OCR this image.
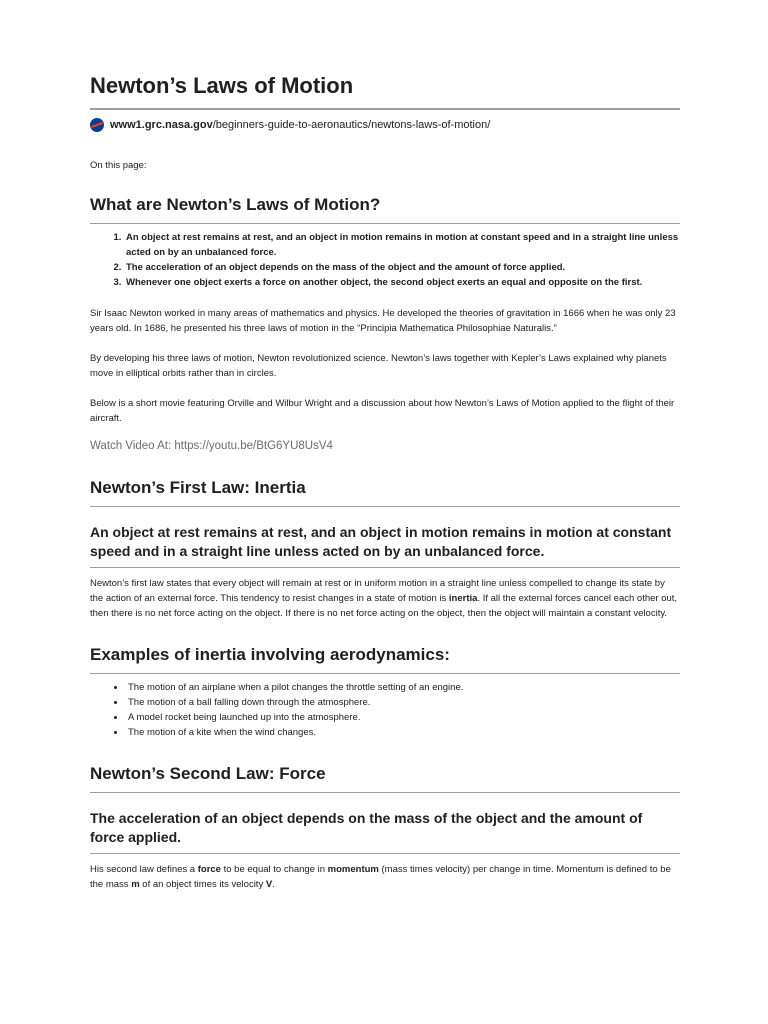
Newton’s Laws of Motion
www1.grc.nasa.gov /beginners-guide-to-aeronautics/newtons-laws-of-motion/
On this page:
What are Newton’s Laws of Motion?
1. An object at rest remains at rest, and an object in motion remains in motion at constant speed and in a straight line unless acted on by an unbalanced force.
2. The acceleration of an object depends on the mass of the object and the amount of force applied.
3. Whenever one object exerts a force on another object, the second object exerts an equal and opposite on the first.

Sir Isaac Newton worked in many areas of mathematics and physics. He developed the theories of gravitation in 1666 when he was only 23 years old. In 1686, he presented his three laws of motion in the “Principia Mathematica Philosophiae Naturalis.”

By developing his three laws of motion, Newton revolutionized science. Newton’s laws together with Kepler’s Laws explained why planets move in elliptical orbits rather than in circles.

Below is a short movie featuring Orville and Wilbur Wright and a discussion about how Newton’s Laws of Motion applied to the flight of their aircraft.

Watch Video At: https://youtu.be/BtG6YU8UsV4
Newton’s First Law: Inertia
An object at rest remains at rest, and an object in motion remains in motion at constant speed and in a straight line unless acted on by an unbalanced force.

Newton’s first law states that every object will remain at rest or in uniform motion in a straight line unless compelled to change its state by the action of an external force. This tendency to resist changes in a state of motion is inertia. If all the external forces cancel each other out, then there is no net force acting on the object. If there is no net force acting on the object, then the object will maintain a constant velocity.

Examples of inertia involving aerodynamics:
• The motion of an airplane when a pilot changes the throttle setting of an engine.
• The motion of a ball falling down through the atmosphere.
• A model rocket being launched up into the atmosphere.
• The motion of a kite when the wind changes.
Newton’s Second Law: Force
The acceleration of an object depends on the mass of the object and the amount of force applied.

His second law defines a force to be equal to change in momentum (mass times velocity) per change in time. Momentum is defined to be the mass m of an object times its velocity V.
